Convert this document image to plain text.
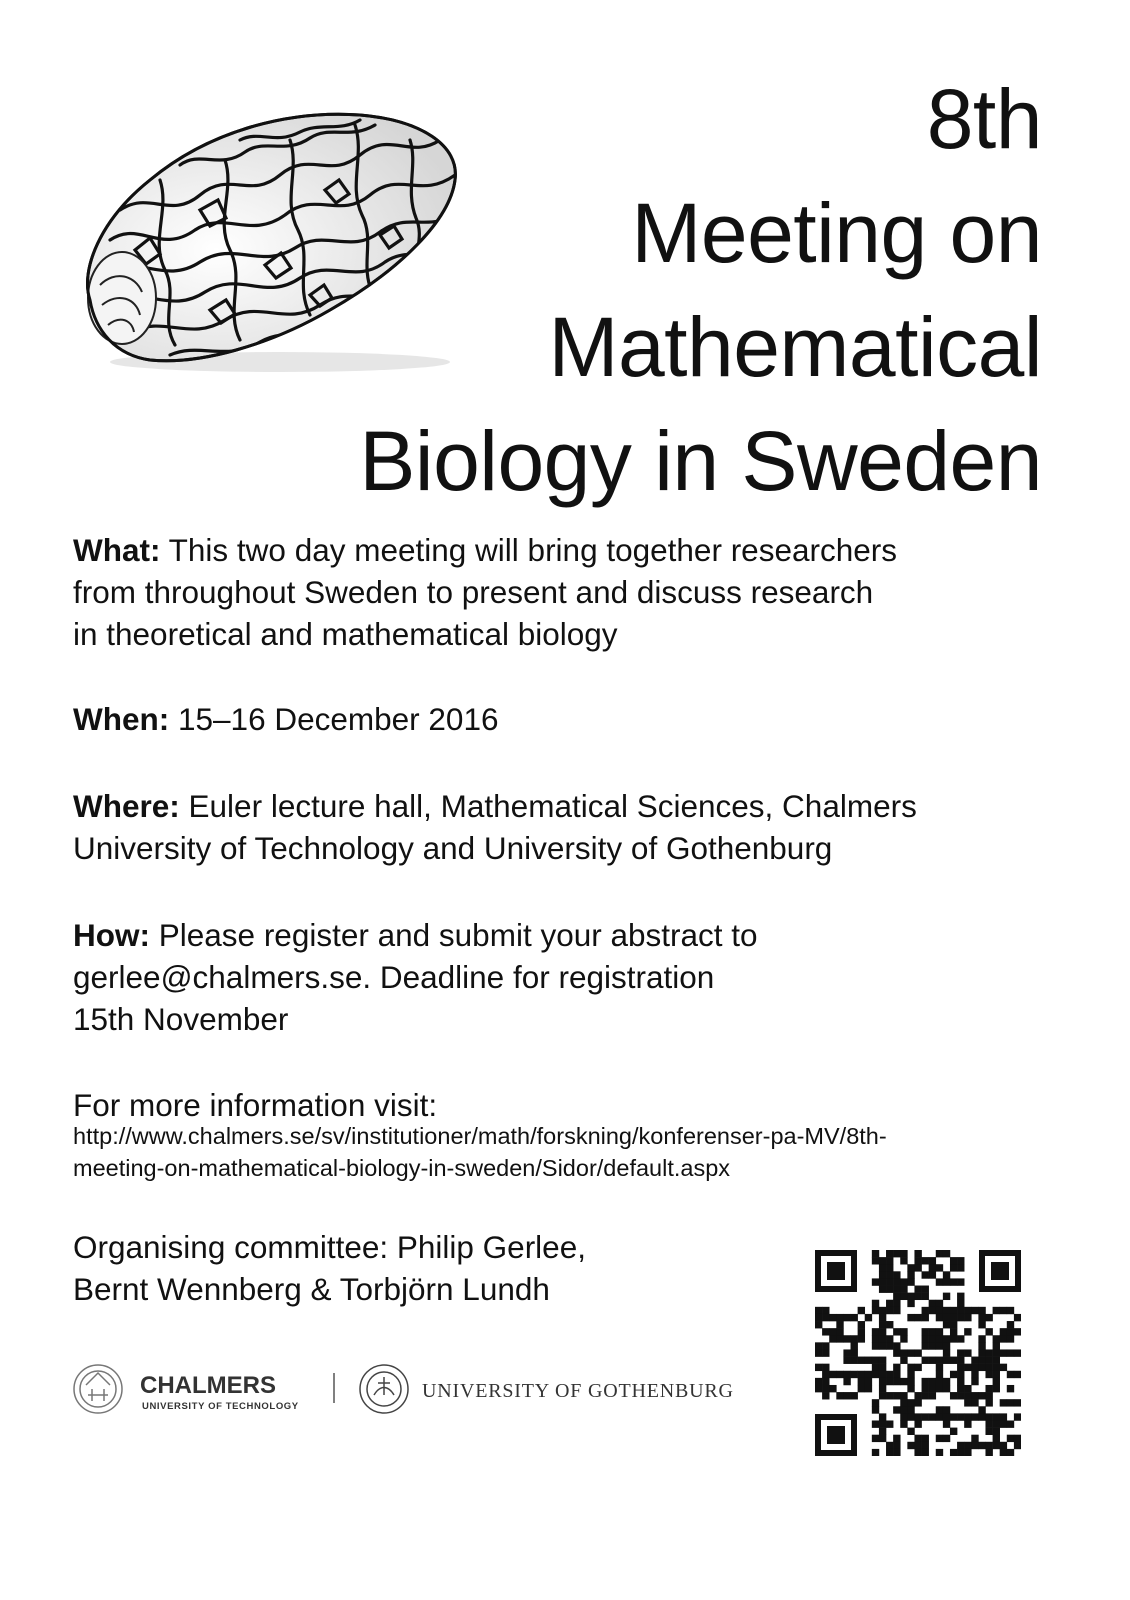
8th
Meeting on
Mathematical
Biology in Sweden
What: This two day meeting will bring together researchers
from throughout Sweden to present and discuss research
in theoretical and mathematical biology
When: 15–16 December 2016
Where: Euler lecture hall, Mathematical Sciences, Chalmers
University of Technology and University of Gothenburg
How: Please register and submit your abstract to
gerlee@chalmers.se. Deadline for registration
15th November
For more information visit:
http://www.chalmers.se/sv/institutioner/math/forskning/konferenser-pa-MV/8th-
meeting-on-mathematical-biology-in-sweden/Sidor/default.aspx
Organising committee: Philip Gerlee,
Bernt Wennberg & Torbjörn Lundh
CHALMERS
UNIVERSITY OF TECHNOLOGY
UNIVERSITY OF GOTHENBURG
